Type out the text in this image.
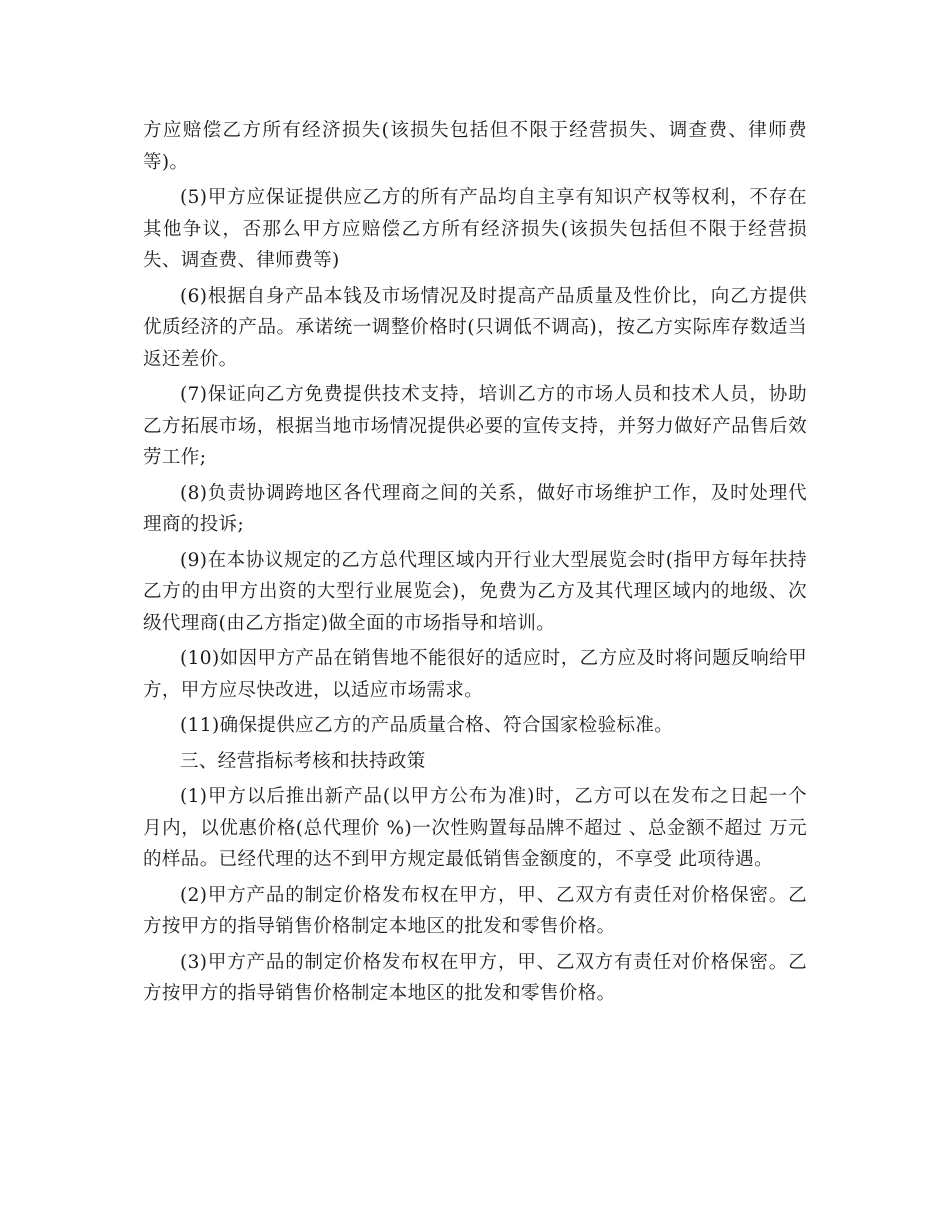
方应赔偿乙方所有经济损失(该损失包括但不限于经营损失、调查费、律师费等)。

(5)甲方应保证提供应乙方的所有产品均自主享有知识产权等权利，不存在其他争议，否那么甲方应赔偿乙方所有经济损失(该损失包括但不限于经营损失、调查费、律师费等)

(6)根据自身产品本钱及市场情况及时提高产品质量及性价比，向乙方提供优质经济的产品。承诺统一调整价格时(只调低不调高)，按乙方实际库存数适当返还差价。

(7)保证向乙方免费提供技术支持，培训乙方的市场人员和技术人员，协助乙方拓展市场，根据当地市场情况提供必要的宣传支持，并努力做好产品售后效劳工作;

(8)负责协调跨地区各代理商之间的关系，做好市场维护工作，及时处理代理商的投诉;

(9)在本协议规定的乙方总代理区域内开行业大型展览会时(指甲方每年扶持乙方的由甲方出资的大型行业展览会)，免费为乙方及其代理区域内的地级、次级代理商(由乙方指定)做全面的市场指导和培训。

(10)如因甲方产品在销售地不能很好的适应时，乙方应及时将问题反响给甲方，甲方应尽快改进，以适应市场需求。

(11)确保提供应乙方的产品质量合格、符合国家检验标准。

三、经营指标考核和扶持政策

(1)甲方以后推出新产品(以甲方公布为准)时，乙方可以在发布之日起一个月内，以优惠价格(总代理价 %)一次性购置每品牌不超过 、总金额不超过 万元的样品。已经代理的达不到甲方规定最低销售金额度的，不享受 此项待遇。

(2)甲方产品的制定价格发布权在甲方，甲、乙双方有责任对价格保密。乙方按甲方的指导销售价格制定本地区的批发和零售价格。

(3)甲方产品的制定价格发布权在甲方，甲、乙双方有责任对价格保密。乙方按甲方的指导销售价格制定本地区的批发和零售价格。
